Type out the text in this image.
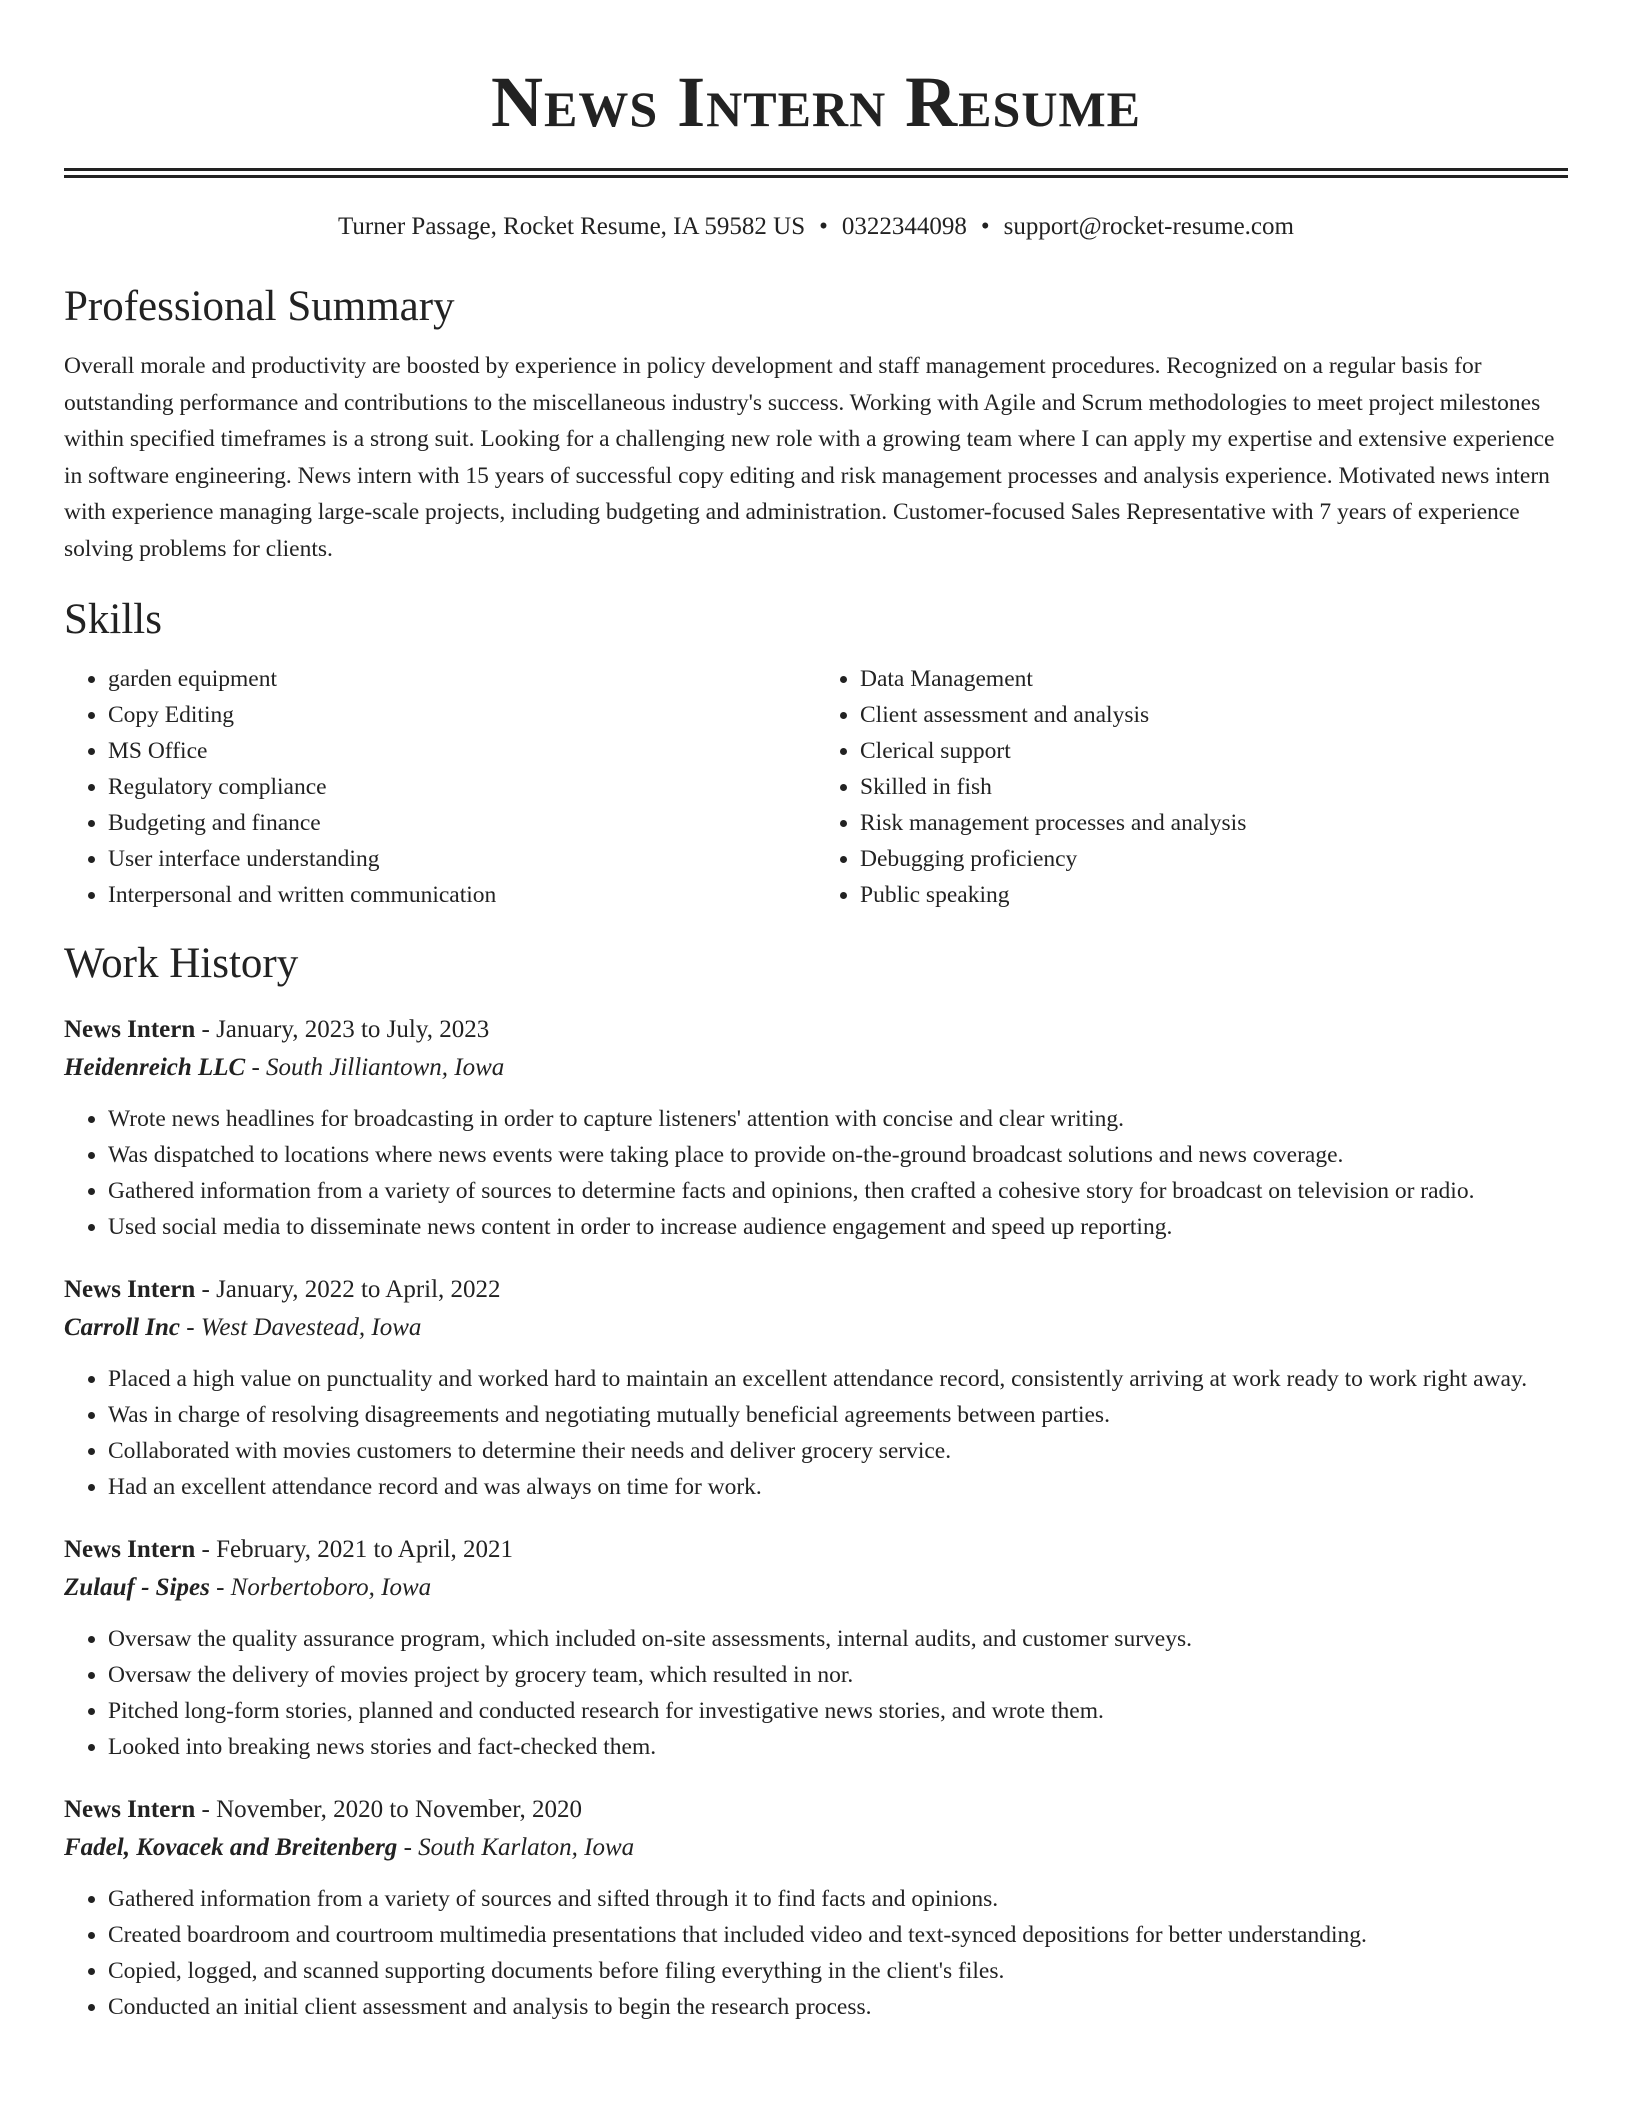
News Intern Resume
Turner Passage, Rocket Resume, IA 59582 US • 0322344098 • support@rocket-resume.com
Professional Summary

Overall morale and productivity are boosted by experience in policy development and staff management procedures. Recognized on a regular basis for outstanding performance and contributions to the miscellaneous industry's success. Working with Agile and Scrum methodologies to meet project milestones within specified timeframes is a strong suit. Looking for a challenging new role with a growing team where I can apply my expertise and extensive experience in software engineering. News intern with 15 years of successful copy editing and risk management processes and analysis experience. Motivated news intern with experience managing large-scale projects, including budgeting and administration. Customer-focused Sales Representative with 7 years of experience solving problems for clients.

Skills
• garden equipment
• Copy Editing
• MS Office
• Regulatory compliance
• Budgeting and finance
• User interface understanding
• Interpersonal and written communication
• Data Management
• Client assessment and analysis
• Clerical support
• Skilled in fish
• Risk management processes and analysis
• Debugging proficiency
• Public speaking
Work History
News Intern - January, 2023 to July, 2023
Heidenreich LLC - South Jilliantown, Iowa
• Wrote news headlines for broadcasting in order to capture listeners' attention with concise and clear writing.
• Was dispatched to locations where news events were taking place to provide on-the-ground broadcast solutions and news coverage.
• Gathered information from a variety of sources to determine facts and opinions, then crafted a cohesive story for broadcast on television or radio.
• Used social media to disseminate news content in order to increase audience engagement and speed up reporting.
News Intern - January, 2022 to April, 2022
Carroll Inc - West Davestead, Iowa
• Placed a high value on punctuality and worked hard to maintain an excellent attendance record, consistently arriving at work ready to work right away.
• Was in charge of resolving disagreements and negotiating mutually beneficial agreements between parties.
• Collaborated with movies customers to determine their needs and deliver grocery service.
• Had an excellent attendance record and was always on time for work.
News Intern - February, 2021 to April, 2021
Zulauf - Sipes - Norbertoboro, Iowa
• Oversaw the quality assurance program, which included on-site assessments, internal audits, and customer surveys.
• Oversaw the delivery of movies project by grocery team, which resulted in nor.
• Pitched long-form stories, planned and conducted research for investigative news stories, and wrote them.
• Looked into breaking news stories and fact-checked them.
News Intern - November, 2020 to November, 2020
Fadel, Kovacek and Breitenberg - South Karlaton, Iowa
• Gathered information from a variety of sources and sifted through it to find facts and opinions.
• Created boardroom and courtroom multimedia presentations that included video and text-synced depositions for better understanding.
• Copied, logged, and scanned supporting documents before filing everything in the client's files.
• Conducted an initial client assessment and analysis to begin the research process.
